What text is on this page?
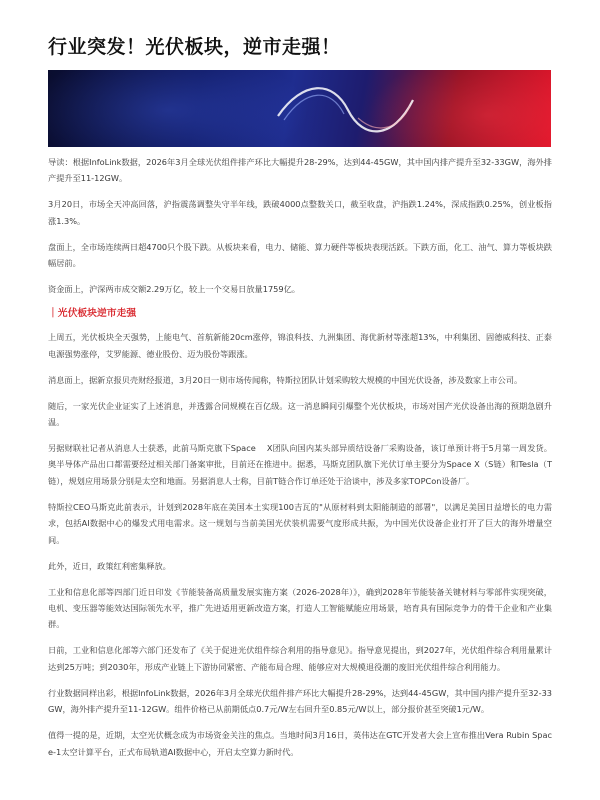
行业突发！光伏板块，逆市走强！

导读：根据InfoLink数据，2026年3月全球光伏组件排产环比大幅提升28-29%，达到44-45GW，其中国内排产提升至32-33GW，海外排产提升至11-12GW。

3月20日，市场全天冲高回落，沪指震荡调整失守半年线，跌破4000点整数关口，截至收盘，沪指跌1.24%，深成指跌0.25%，创业板指涨1.3%。

盘面上，全市场连续两日超4700只个股下跌。从板块来看，电力、储能、算力硬件等板块表现活跃。下跌方面，化工、油气、算力等板块跌幅居前。

资金面上，沪深两市成交额2.29万亿，较上一个交易日放量1759亿。

｜光伏板块逆市走强

上周五，光伏板块全天强势，上能电气、首航新能20cm涨停，锦浪科技、九洲集团、海优新材等涨超13%，中利集团、固德威科技、正泰电源强势涨停，艾罗能源、德业股份、迈为股份等跟涨。

消息面上，据新京报贝壳财经报道，3月20日一则市场传闻称，特斯拉团队计划采购较大规模的中国光伏设备，涉及数家上市公司。

随后，一家光伏企业证实了上述消息，并透露合同规模在百亿级。这一消息瞬间引爆整个光伏板块，市场对国产光伏设备出海的预期急剧升温。

另据财联社记者从消息人士获悉，此前马斯克旗下Space　 X团队向国内某头部异质结设备厂采购设备，该订单预计将于5月第一周发货。奥半导体产品出口都需要经过相关部门备案审批，目前还在推进中。据悉，马斯克团队旗下光伏订单主要分为Space X（S链）和Tesla（T链），规划应用场景分别是太空和地面。另据消息人士称，目前T链合作订单还处于洽谈中，涉及多家TOPCon设备厂。

特斯拉CEO马斯克此前表示，计划到2028年底在美国本土实现100吉瓦的"从原材料到太阳能制造的部署"，以满足美国日益增长的电力需求，包括AI数据中心的爆发式用电需求。这一规划与当前美国光伏装机需要气度形成共振，为中国光伏设备企业打开了巨大的海外增量空间。

此外，近日，政策红利密集释放。

工业和信息化部等四部门近日印发《节能装备高质量发展实施方案（2026-2028年）》，确到2028年节能装备关键材料与零部件实现突破，电机、变压器等能效达国际领先水平，推广先进适用更新改造方案，打造人工智能赋能应用场景，培育具有国际竞争力的骨干企业和产业集群。

日前，工业和信息化部等六部门还发布了《关于促进光伏组件综合利用的指导意见》。指导意见提出，到2027年，光伏组件综合利用量累计达到25万吨；到2030年，形成产业链上下游协同紧密、产能布局合理、能够应对大规模退役潮的废旧光伏组件综合利用能力。

行业数据同样出彩，根据InfoLink数据，2026年3月全球光伏组件排产环比大幅提升28-29%，达到44-45GW，其中国内排产提升至32-33GW，海外排产提升至11-12GW。组件价格已从前期低点0.7元/W左右回升至0.85元/W以上，部分报价甚至突破1元/W。

值得一提的是，近期，太空光伏概念成为市场资金关注的焦点。当地时间3月16日，英伟达在GTC开发者大会上宣布推出Vera Rubin Space-1太空计算平台，正式布局轨道AI数据中心，开启太空算力新时代。
